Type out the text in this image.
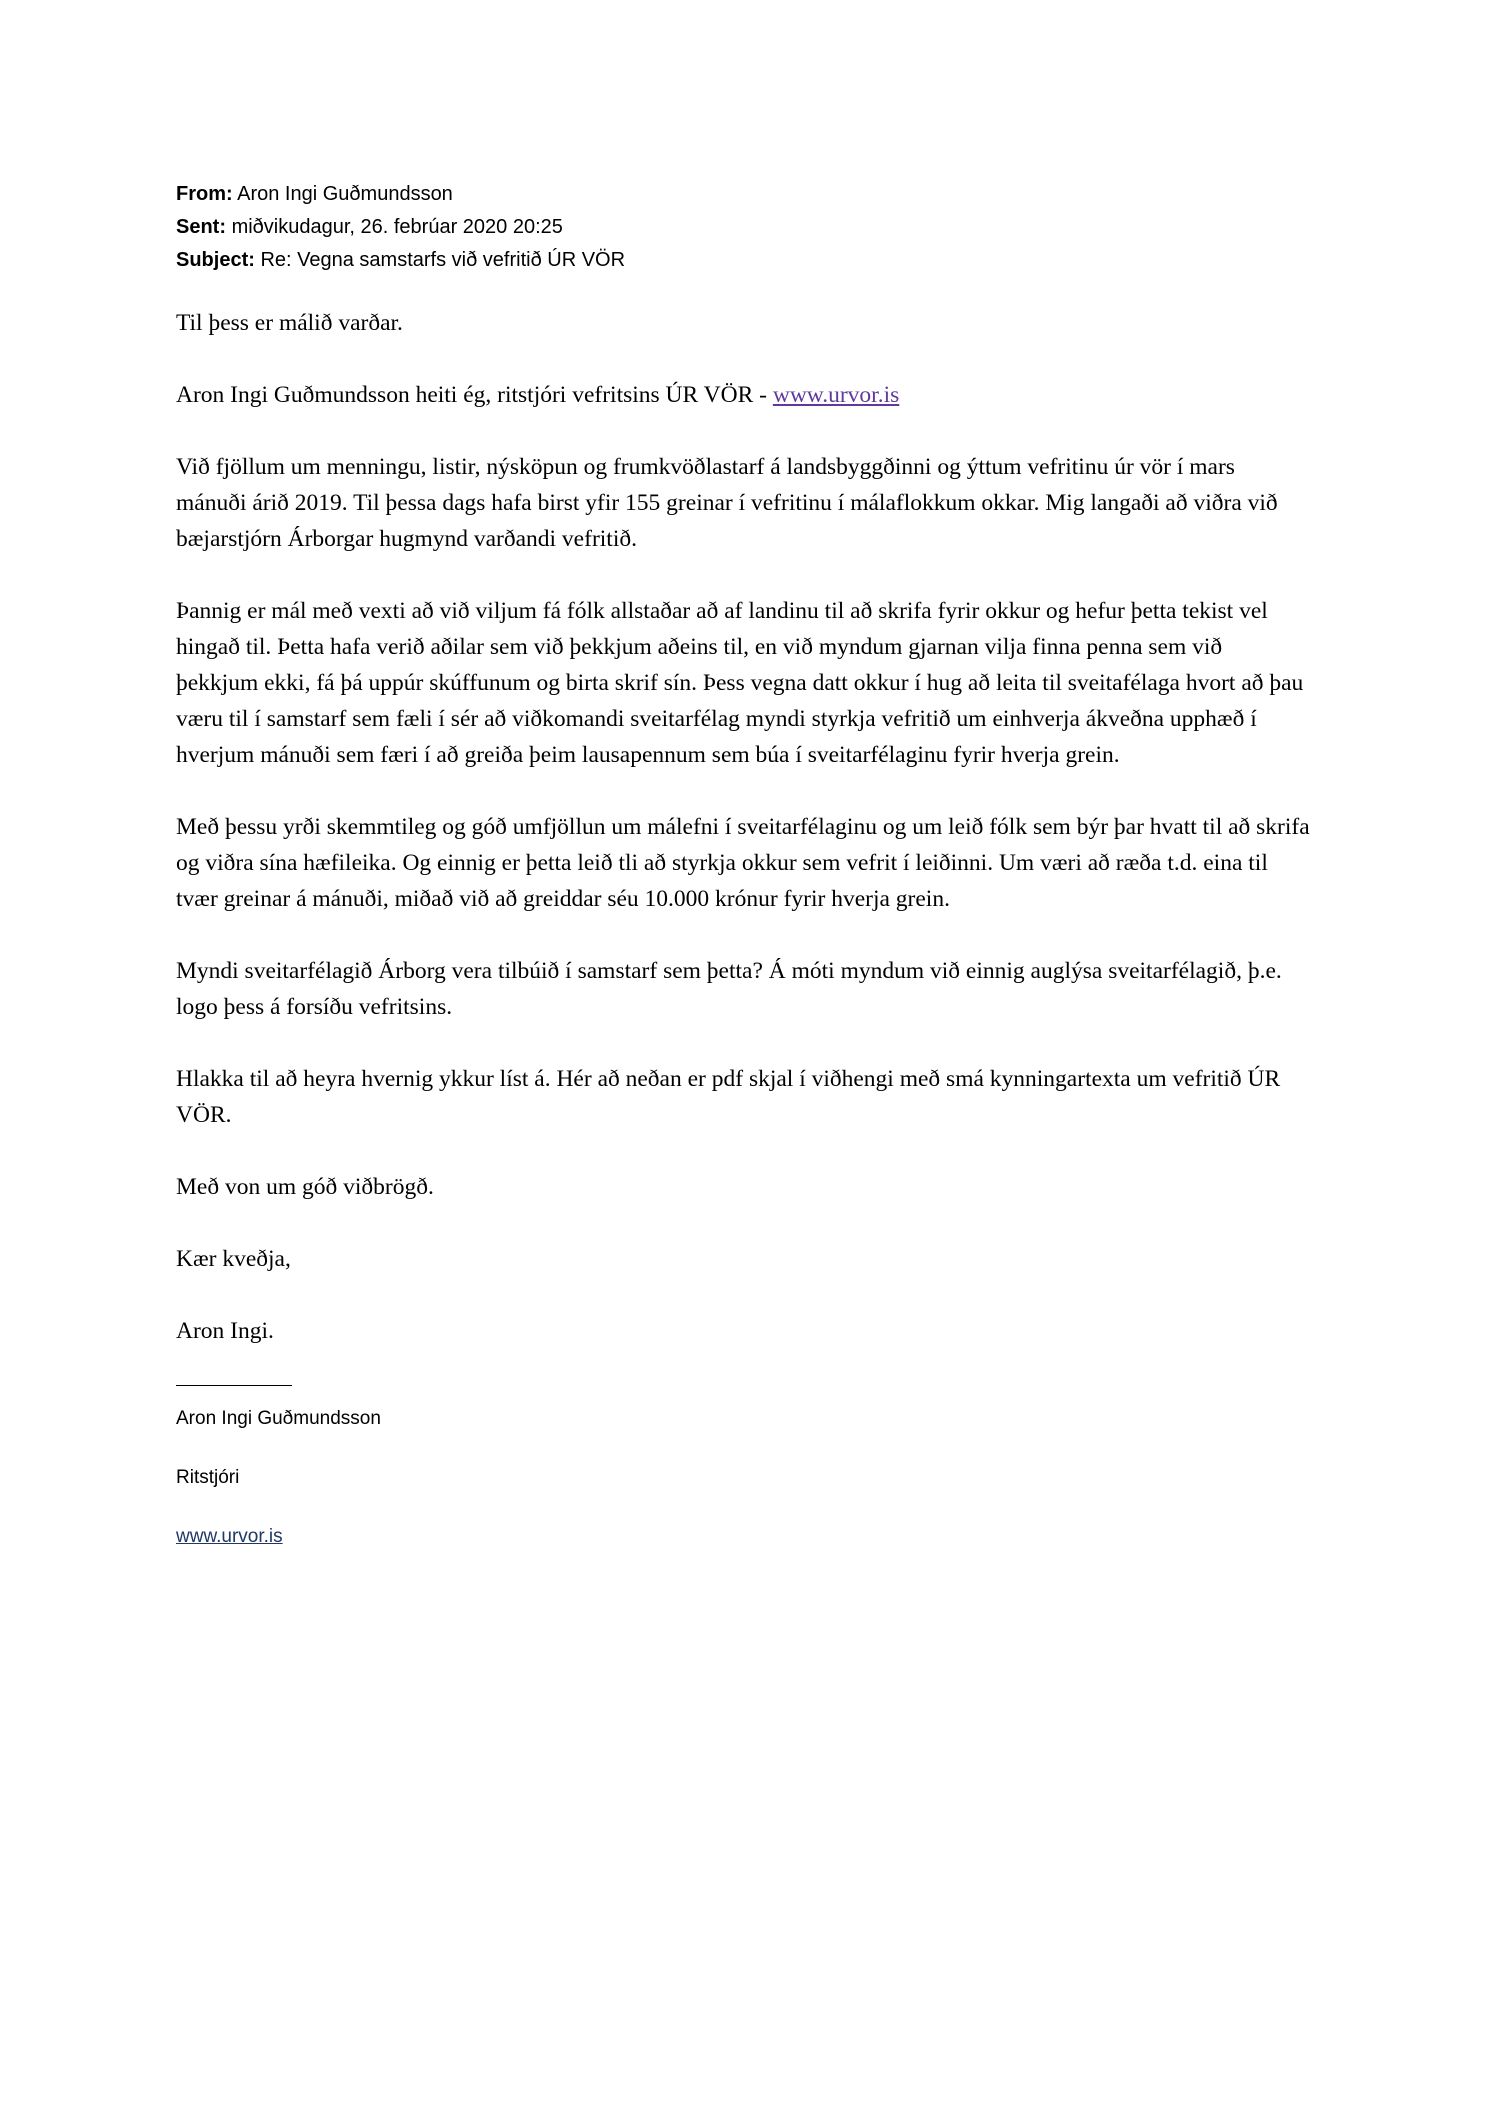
From: Aron Ingi Guðmundsson

Sent: miðvikudagur, 26. febrúar 2020 20:25

Subject: Re: Vegna samstarfs við vefritið ÚR VÖR

Til þess er málið varðar.

Aron Ingi Guðmundsson heiti ég, ritstjóri vefritsins ÚR VÖR - www.urvor.is

Við fjöllum um menningu, listir, nýsköpun og frumkvöðlastarf á landsbyggðinni og ýttum vefritinu úr vör í mars mánuði árið 2019. Til þessa dags hafa birst yfir 155 greinar í vefritinu í málaflokkum okkar. Mig langaði að viðra við bæjarstjórn Árborgar hugmynd varðandi vefritið.

Þannig er mál með vexti að við viljum fá fólk allstaðar að af landinu til að skrifa fyrir okkur og hefur þetta tekist vel hingað til. Þetta hafa verið aðilar sem við þekkjum aðeins til, en við myndum gjarnan vilja finna penna sem við þekkjum ekki, fá þá uppúr skúffunum og birta skrif sín. Þess vegna datt okkur í hug að leita til sveitafélaga hvort að þau væru til í samstarf sem fæli í sér að viðkomandi sveitarfélag myndi styrkja vefritið um einhverja ákveðna upphæð í hverjum mánuði sem færi í að greiða þeim lausapennum sem búa í sveitarfélaginu fyrir hverja grein.

Með þessu yrði skemmtileg og góð umfjöllun um málefni í sveitarfélaginu og um leið fólk sem býr þar hvatt til að skrifa og viðra sína hæfileika. Og einnig er þetta leið tli að styrkja okkur sem vefrit í leiðinni. Um væri að ræða t.d. eina til tvær greinar á mánuði, miðað við að greiddar séu 10.000 krónur fyrir hverja grein.

Myndi sveitarfélagið Árborg vera tilbúið í samstarf sem þetta? Á móti myndum við einnig auglýsa sveitarfélagið, þ.e. logo þess á forsíðu vefritsins.

Hlakka til að heyra hvernig ykkur líst á. Hér að neðan er pdf skjal í viðhengi með smá kynningartexta um vefritið ÚR VÖR.

Með von um góð viðbrögð.

Kær kveðja,

Aron Ingi.

Aron Ingi Guðmundsson

Ritstjóri

www.urvor.is
